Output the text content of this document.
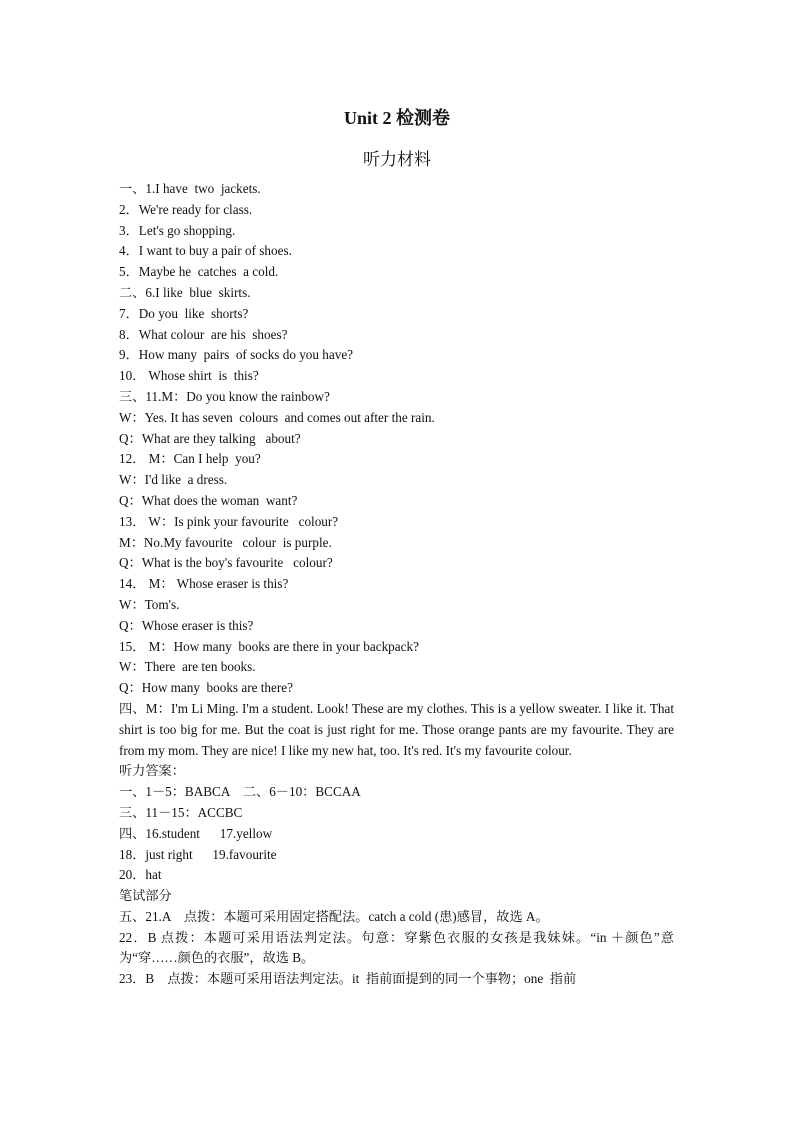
Unit 2 检测卷
听力材料
一、1.I have  two  jackets.
2．We're ready for class.
3．Let's go shopping.
4．I want to buy a pair of shoes.
5．Maybe he  catches  a cold.
二、6.I like  blue  skirts.
7．Do you  like  shorts?
8．What colour  are his  shoes?
9．How many  pairs  of socks do you have?
10． Whose shirt  is  this?
三、11.M：Do you know the rainbow?
W：Yes. It has seven  colours  and comes out after the rain.
Q：What are they talking   about?
12． M：Can I help  you?
W：I'd like  a dress.
Q：What does the woman  want?
13． W：Is pink your favourite   colour?
M：No.My favourite   colour  is purple.
Q：What is the boy's favourite   colour?
14． M： Whose eraser is this?
W：Tom's.
Q：Whose eraser is this?
15． M：How many  books are there in your backpack?
W：There  are ten books.
Q：How many  books are there?
四、M：I'm Li Ming. I'm a student. Look! These are my clothes. This is a yellow sweater. I like it. That shirt is too big for me. But the coat is just right for me. Those orange pants are my favourite. They are from my mom. They are nice! I like my new hat, too. It's red. It's my favourite colour.
听力答案：
一、1－5：BABCA    二、6－10：BCCAA
三、11－15：ACCBC
四、16.student      17.yellow
18．just right      19.favourite
20．hat
笔试部分
五、21.A    点拨：本题可采用固定搭配法。catch a cold (患)感冒，故选 A。
22．B 点拨：本题可采用语法判定法。句意：穿紫色衣服的女孩是我妹妹。“in ＋颜色”意为“穿……颜色的衣服”，故选 B。
23．B    点拨：本题可采用语法判定法。it  指前面提到的同一个事物；one  指前
